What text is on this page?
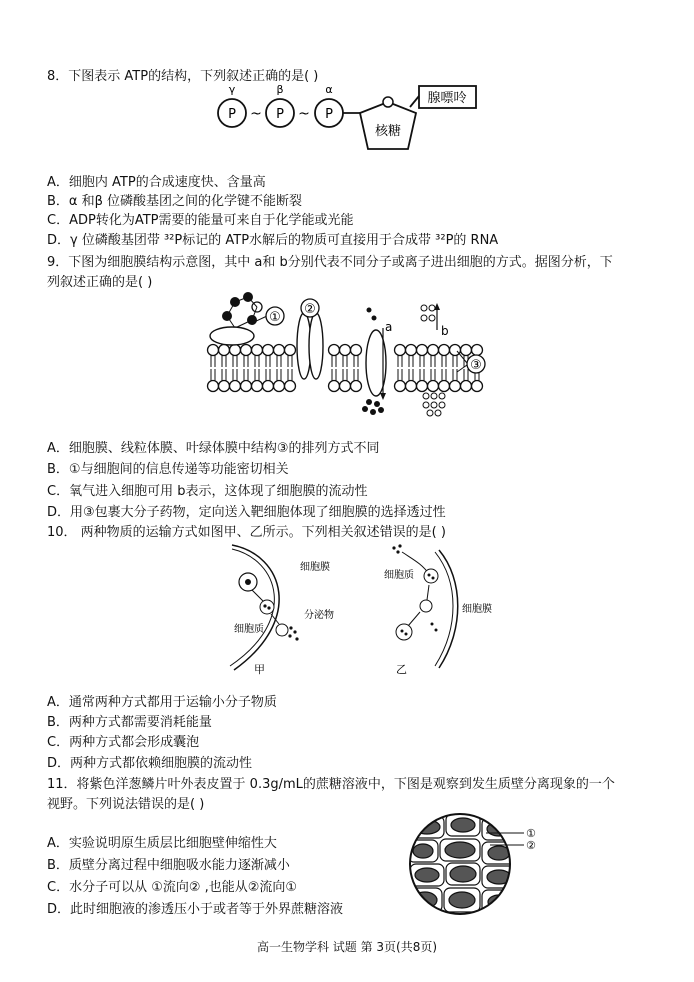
8．下图表示 ATP的结构，下列叙述正确的是( )
γ	β	α
P	P	P
~	~
核糖
腺嘌呤
A．细胞内 ATP的合成速度快、含量高
B．α 和β 位磷酸基团之间的化学键不能断裂
C．ADP转化为ATP需要的能量可来自于化学能或光能
D．γ 位磷酸基团带 ³²P标记的 ATP水解后的物质可直接用于合成带 ³²P的 RNA
9．下图为细胞膜结构示意图，其中 a和 b分别代表不同分子或离子进出细胞的方式。据图分析，下
列叙述正确的是( )
①
②
a	b
③
A．细胞膜、线粒体膜、叶绿体膜中结构③的排列方式不同
B．①与细胞间的信息传递等功能密切相关
C．氧气进入细胞可用 b表示，这体现了细胞膜的流动性
D．用③包裹大分子药物，定向送入靶细胞体现了细胞膜的选择透过性
10． 两种物质的运输方式如图甲、乙所示。下列相关叙述错误的是( )
细胞质
细胞膜
分泌物
甲
细胞质
细胞膜
乙
A．通常两种方式都用于运输小分子物质
B．两种方式都需要消耗能量
C．两种方式都会形成囊泡
D．两种方式都依赖细胞膜的流动性
11．将紫色洋葱鳞片叶外表皮置于 0.3g/mL的蔗糖溶液中，下图是观察到发生质壁分离现象的一个
视野。下列说法错误的是( )
①
②
A．实验说明原生质层比细胞壁伸缩性大
B．质壁分离过程中细胞吸水能力逐渐减小
C．水分子可以从 ①流向② ,也能从②流向①
D．此时细胞液的渗透压小于或者等于外界蔗糖溶液
高一生物学科 试题 第 3页(共8页)
